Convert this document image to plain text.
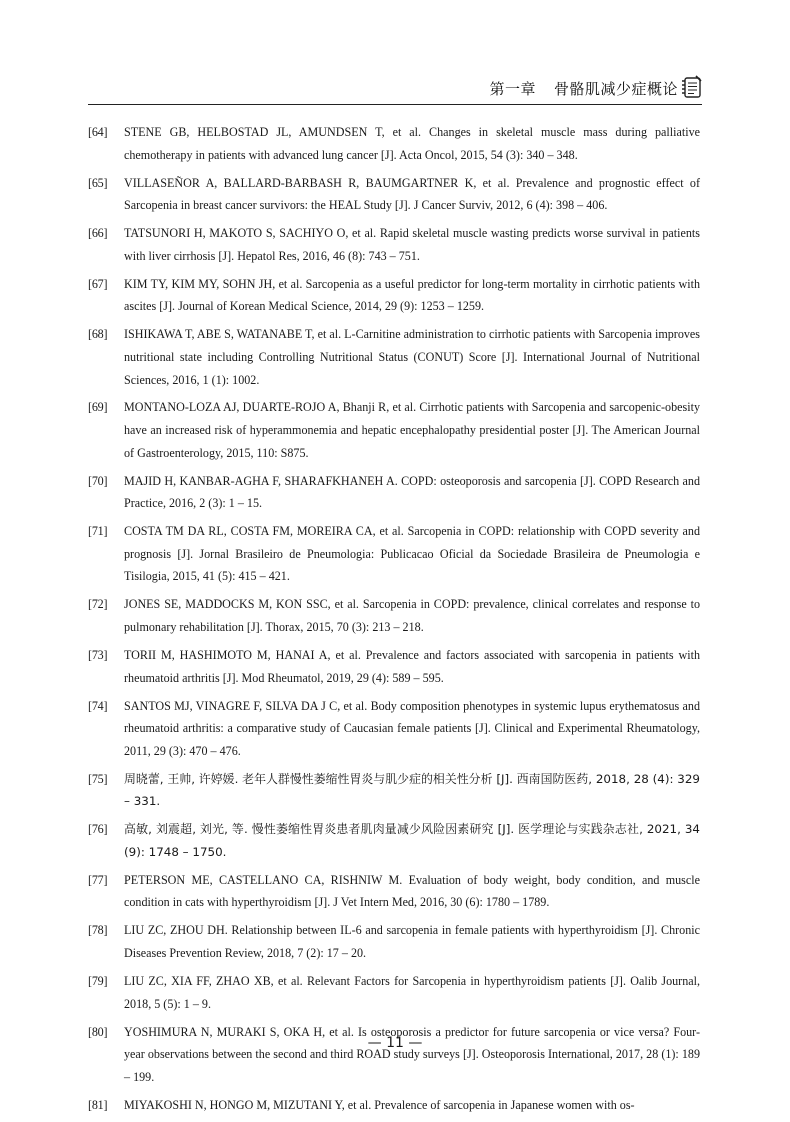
第一章 骨骼肌减少症概论
[64]	STENE GB, HELBOSTAD JL, AMUNDSEN T, et al. Changes in skeletal muscle mass during palliative chemotherapy in patients with advanced lung cancer [J]. Acta Oncol, 2015, 54 (3): 340 – 348.
[65]	VILLASEÑOR A, BALLARD-BARBASH R, BAUMGARTNER K, et al. Prevalence and prognostic effect of Sarcopenia in breast cancer survivors: the HEAL Study [J]. J Cancer Surviv, 2012, 6 (4): 398 – 406.
[66]	TATSUNORI H, MAKOTO S, SACHIYO O, et al. Rapid skeletal muscle wasting predicts worse survival in patients with liver cirrhosis [J]. Hepatol Res, 2016, 46 (8): 743 – 751.
[67]	KIM TY, KIM MY, SOHN JH, et al. Sarcopenia as a useful predictor for long-term mortality in cirrhotic patients with ascites [J]. Journal of Korean Medical Science, 2014, 29 (9): 1253 – 1259.
[68]	ISHIKAWA T, ABE S, WATANABE T, et al. L-Carnitine administration to cirrhotic patients with Sarcopenia improves nutritional state including Controlling Nutritional Status (CONUT) Score [J]. International Journal of Nutritional Sciences, 2016, 1 (1): 1002.
[69]	MONTANO-LOZA AJ, DUARTE-ROJO A, Bhanji R, et al. Cirrhotic patients with Sarcopenia and sarcopenic-obesity have an increased risk of hyperammonemia and hepatic encephalopathy presidential poster [J]. The American Journal of Gastroenterology, 2015, 110: S875.
[70]	MAJID H, KANBAR-AGHA F, SHARAFKHANEH A. COPD: osteoporosis and sarcopenia [J]. COPD Research and Practice, 2016, 2 (3): 1 – 15.
[71]	COSTA TM DA RL, COSTA FM, MOREIRA CA, et al. Sarcopenia in COPD: relationship with COPD severity and prognosis [J]. Jornal Brasileiro de Pneumologia: Publicacao Oficial da Sociedade Brasileira de Pneumologia e Tisilogia, 2015, 41 (5): 415 – 421.
[72]	JONES SE, MADDOCKS M, KON SSC, et al. Sarcopenia in COPD: prevalence, clinical correlates and response to pulmonary rehabilitation [J]. Thorax, 2015, 70 (3): 213 – 218.
[73]	TORII M, HASHIMOTO M, HANAI A, et al. Prevalence and factors associated with sarcopenia in patients with rheumatoid arthritis [J]. Mod Rheumatol, 2019, 29 (4): 589 – 595.
[74]	SANTOS MJ, VINAGRE F, SILVA DA J C, et al. Body composition phenotypes in systemic lupus erythematosus and rheumatoid arthritis: a comparative study of Caucasian female patients [J]. Clinical and Experimental Rheumatology, 2011, 29 (3): 470 – 476.
[75]	周晓蕾, 王帅, 许婷媛. 老年人群慢性萎缩性胃炎与肌少症的相关性分析 [J]. 西南国防医药, 2018, 28 (4): 329 – 331.
[76]	高敏, 刘震超, 刘光, 等. 慢性萎缩性胃炎患者肌肉量减少风险因素研究 [J]. 医学理论与实践杂志社, 2021, 34 (9): 1748 – 1750.
[77]	PETERSON ME, CASTELLANO CA, RISHNIW M. Evaluation of body weight, body condition, and muscle condition in cats with hyperthyroidism [J]. J Vet Intern Med, 2016, 30 (6): 1780 – 1789.
[78]	LIU ZC, ZHOU DH. Relationship between IL-6 and sarcopenia in female patients with hyperthyroidism [J]. Chronic Diseases Prevention Review, 2018, 7 (2): 17 – 20.
[79]	LIU ZC, XIA FF, ZHAO XB, et al. Relevant Factors for Sarcopenia in hyperthyroidism patients [J]. Oalib Journal, 2018, 5 (5): 1 – 9.
[80]	YOSHIMURA N, MURAKI S, OKA H, et al. Is osteoporosis a predictor for future sarcopenia or vice versa? Four-year observations between the second and third ROAD study surveys [J]. Osteoporosis International, 2017, 28 (1): 189 – 199.
[81]	MIYAKOSHI N, HONGO M, MIZUTANI Y, et al. Prevalence of sarcopenia in Japanese women with os-
— 11 —
